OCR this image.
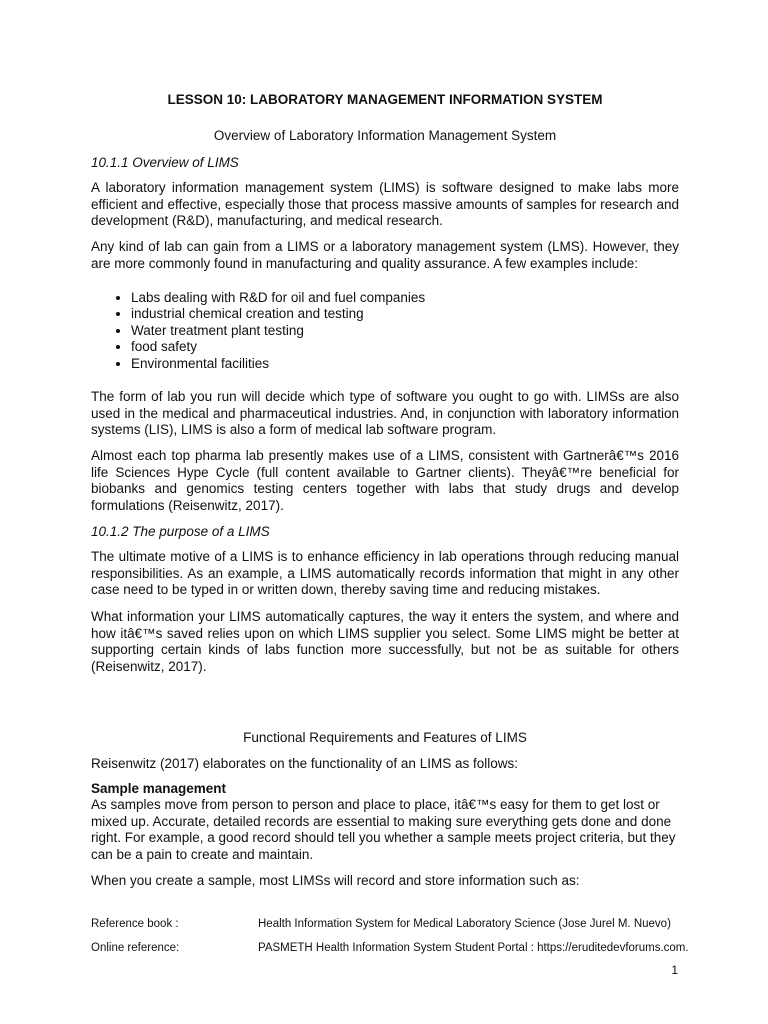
LESSON 10: LABORATORY MANAGEMENT INFORMATION SYSTEM
Overview of Laboratory Information Management System
10.1.1 Overview of LIMS

A laboratory information management system (LIMS) is software designed to make labs more efficient and effective, especially those that process massive amounts of samples for research and development (R&D), manufacturing, and medical research.

Any kind of lab can gain from a LIMS or a laboratory management system (LMS). However, they are more commonly found in manufacturing and quality assurance. A few examples include:

• Labs dealing with R&D for oil and fuel companies
• industrial chemical creation and testing
• Water treatment plant testing
• food safety
• Environmental facilities

The form of lab you run will decide which type of software you ought to go with. LIMSs are also used in the medical and pharmaceutical industries. And, in conjunction with laboratory information systems (LIS), LIMS is also a form of medical lab software program.

Almost each top pharma lab presently makes use of a LIMS, consistent with Gartnerâ€™s 2016 life Sciences Hype Cycle (full content available to Gartner clients). Theyâ€™re beneficial for biobanks and genomics testing centers together with labs that study drugs and develop formulations (Reisenwitz, 2017).

10.1.2 The purpose of a LIMS

The ultimate motive of a LIMS is to enhance efficiency in lab operations through reducing manual responsibilities. As an example, a LIMS automatically records information that might in any other case need to be typed in or written down, thereby saving time and reducing mistakes.

What information your LIMS automatically captures, the way it enters the system, and where and how itâ€™s saved relies upon on which LIMS supplier you select. Some LIMS might be better at supporting certain kinds of labs function more successfully, but not be as suitable for others (Reisenwitz, 2017).

Functional Requirements and Features of LIMS

Reisenwitz (2017) elaborates on the functionality of an LIMS as follows:

Sample management

As samples move from person to person and place to place, itâ€™s easy for them to get lost or mixed up. Accurate, detailed records are essential to making sure everything gets done and done right. For example, a good record should tell you whether a sample meets project criteria, but they can be a pain to create and maintain.

When you create a sample, most LIMSs will record and store information such as:

Reference book :	Health Information System for Medical Laboratory Science (Jose Jurel M. Nuevo)
Online reference:	PASMETH Health Information System Student Portal : https://eruditedevforums.com.
1
